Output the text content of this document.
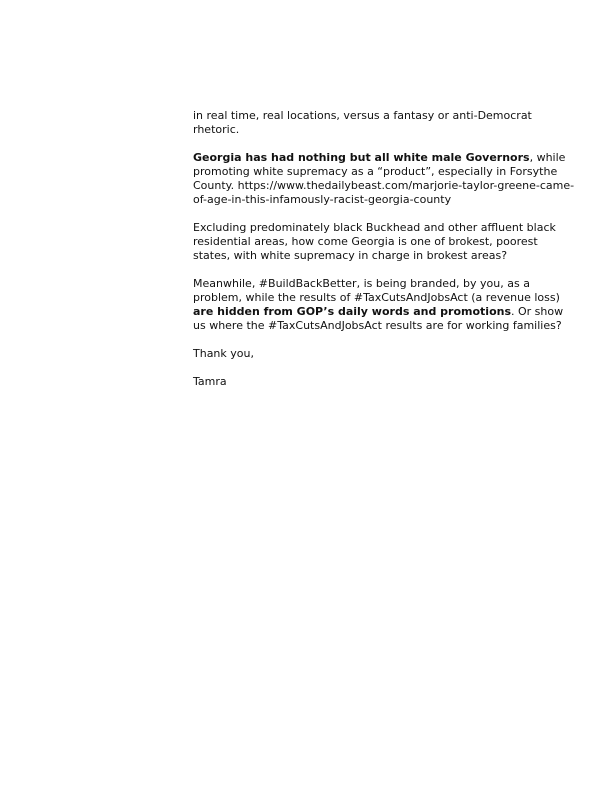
in real time, real locations, versus a fantasy or anti-Democrat rhetoric.

Georgia has had nothing but all white male Governors, while promoting white supremacy as a “product”, especially in Forsythe County. https://www.thedailybeast.com/marjorie-taylor-greene-came-of-age-in-this-infamously-racist-georgia-county

Excluding predominately black Buckhead and other affluent black residential areas, how come Georgia is one of brokest, poorest states, with white supremacy in charge in brokest areas?

Meanwhile, #BuildBackBetter, is being branded, by you, as a problem, while the results of #TaxCutsAndJobsAct (a revenue loss) are hidden from GOP’s daily words and promotions. Or show us where the #TaxCutsAndJobsAct results are for working families?

Thank you,

Tamra
